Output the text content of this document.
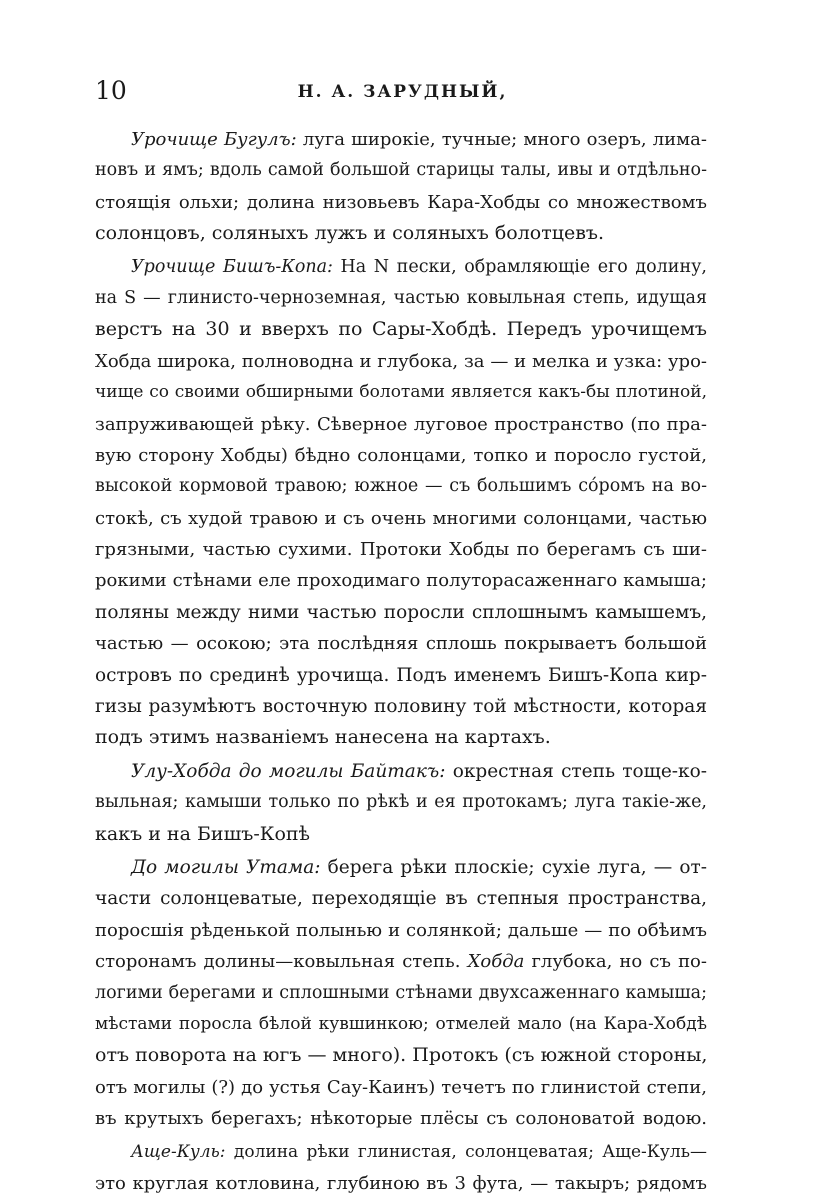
10	Н. А. ЗАРУДНЫЙ,
Урочище Бугулъ: луга широкіе, тучные; много озеръ, лима-
новъ и ямъ; вдоль самой большой старицы талы, ивы и отдѣльно-
стоящія ольхи; долина низовьевъ Кара-Хобды со множествомъ
солонцовъ, соляныхъ лужъ и соляныхъ болотцевъ.
Урочище Бишъ-Копа: На N пески, обрамляющіе его долину,
на S — глинисто-черноземная, частью ковыльная степь, идущая
верстъ на 30 и вверхъ по Сары-Хобдѣ. Передъ урочищемъ
Хобда широка, полноводна и глубока, за — и мелка и узка: уро-
чище со своими обширными болотами является какъ-бы плотиной,
запруживающей рѣку. Сѣверное луговое пространство (по пра-
вую сторону Хобды) бѣдно солонцами, топко и поросло густой,
высокой кормовой травою; южное — съ большимъ сóромъ на во-
стокѣ, съ худой травою и съ очень многими солонцами, частью
грязными, частью сухими. Протоки Хобды по берегамъ съ ши-
рокими стѣнами еле проходимаго полуторасаженнаго камыша;
поляны между ними частью поросли сплошнымъ камышемъ,
частью — осокою; эта послѣдняя сплошь покрываетъ большой
островъ по срединѣ урочища. Подъ именемъ Бишъ-Копа кир-
гизы разумѣютъ восточную половину той мѣстности, которая
подъ этимъ названіемъ нанесена на картахъ.
Улу-Хобда до могилы Байтакъ: окрестная степь тоще-ко-
выльная; камыши только по рѣкѣ и ея протокамъ; луга такіе-же,
какъ и на Бишъ-Копѣ
До могилы Утама: берега рѣки плоскіе; сухіе луга, — от-
части солонцеватые, переходящіе въ степныя пространства,
поросшія рѣденькой полынью и солянкой; дальше — по обѣимъ
сторонамъ долины—ковыльная степь. Хобда глубока, но съ по-
логими берегами и сплошными стѣнами двухсаженнаго камыша;
мѣстами поросла бѣлой кувшинкою; отмелей мало (на Кара-Хобдѣ
отъ поворота на югъ — много). Протокъ (съ южной стороны,
отъ могилы (?) до устья Сау-Каинъ) течетъ по глинистой степи,
въ крутыхъ берегахъ; нѣкоторые плёсы съ солоноватой водою.
Аще-Куль: долина рѣки глинистая, солонцеватая; Аще-Куль—
это круглая котловина, глубиною въ 3 фута, — такыръ; рядомъ
